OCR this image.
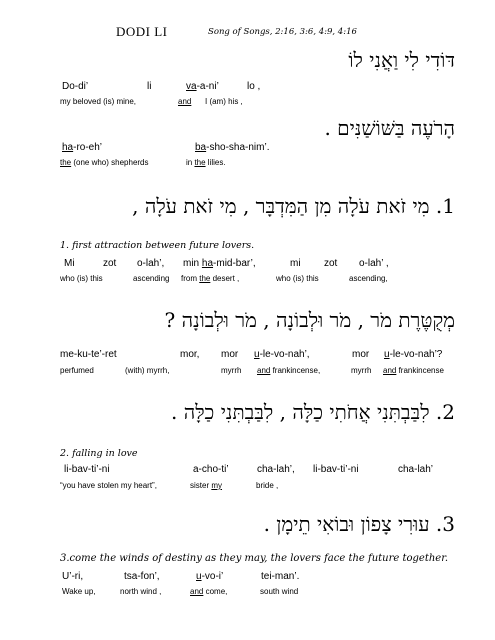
DODI LI	Song of Songs, 2:16, 3:6, 4:9, 4:16
דּוֹדִי לִי וַאֲנִי לוֹ
Do-di’	li	va-a-ni’	lo ,
my beloved (is) mine,	and I (am) his ,
הָרֹעֶה בַּשּׁוֹשַׁנִּים .
ha-ro-eh’	ba-sho-sha-nim’.
the (one who) shepherds	in the lilies.
1. מִי זֹאת עֹלָה מִן הַמִּדְבָּר , מִי זֹאת עֹלָה ,
1. first attraction between future lovers.
Mi	zot o-lah’, min ha-mid-bar’,	mi zot o-lah’ ,
who (is) this	ascending from the desert ,	who (is) this	ascending,
מְקֻטֶּרֶת מֹר , מֹר וּלְבוֹנָה , מֹר וּלְבוֹנָה ?
me-ku-te’-ret	mor, mor u-le-vo-nah’,	mor u-le-vo-nah’?
perfumed	(with) myrrh,	myrrh and frankincense,	myrrh and frankincense
2. לִבַּבְתִּנִי אֲחֹתִי כַלָּה , לִבַּבְתִּנִי כַלָּה .
2. falling in love
li-bav-ti’-ni	a-cho-ti’	cha-lah’, li-bav-ti’-ni	cha-lah’
“you have stolen my heart”,	sister my	bride ,
3. עוּרִי צָפוֹן וּבוֹאִי תֵימָן .
3.come the winds of destiny as they may, the lovers face the future together.
U’-ri,	tsa-fon’,	u-vo-i’	tei-man’.
Wake up,	north wind ,	and come,	south wind
